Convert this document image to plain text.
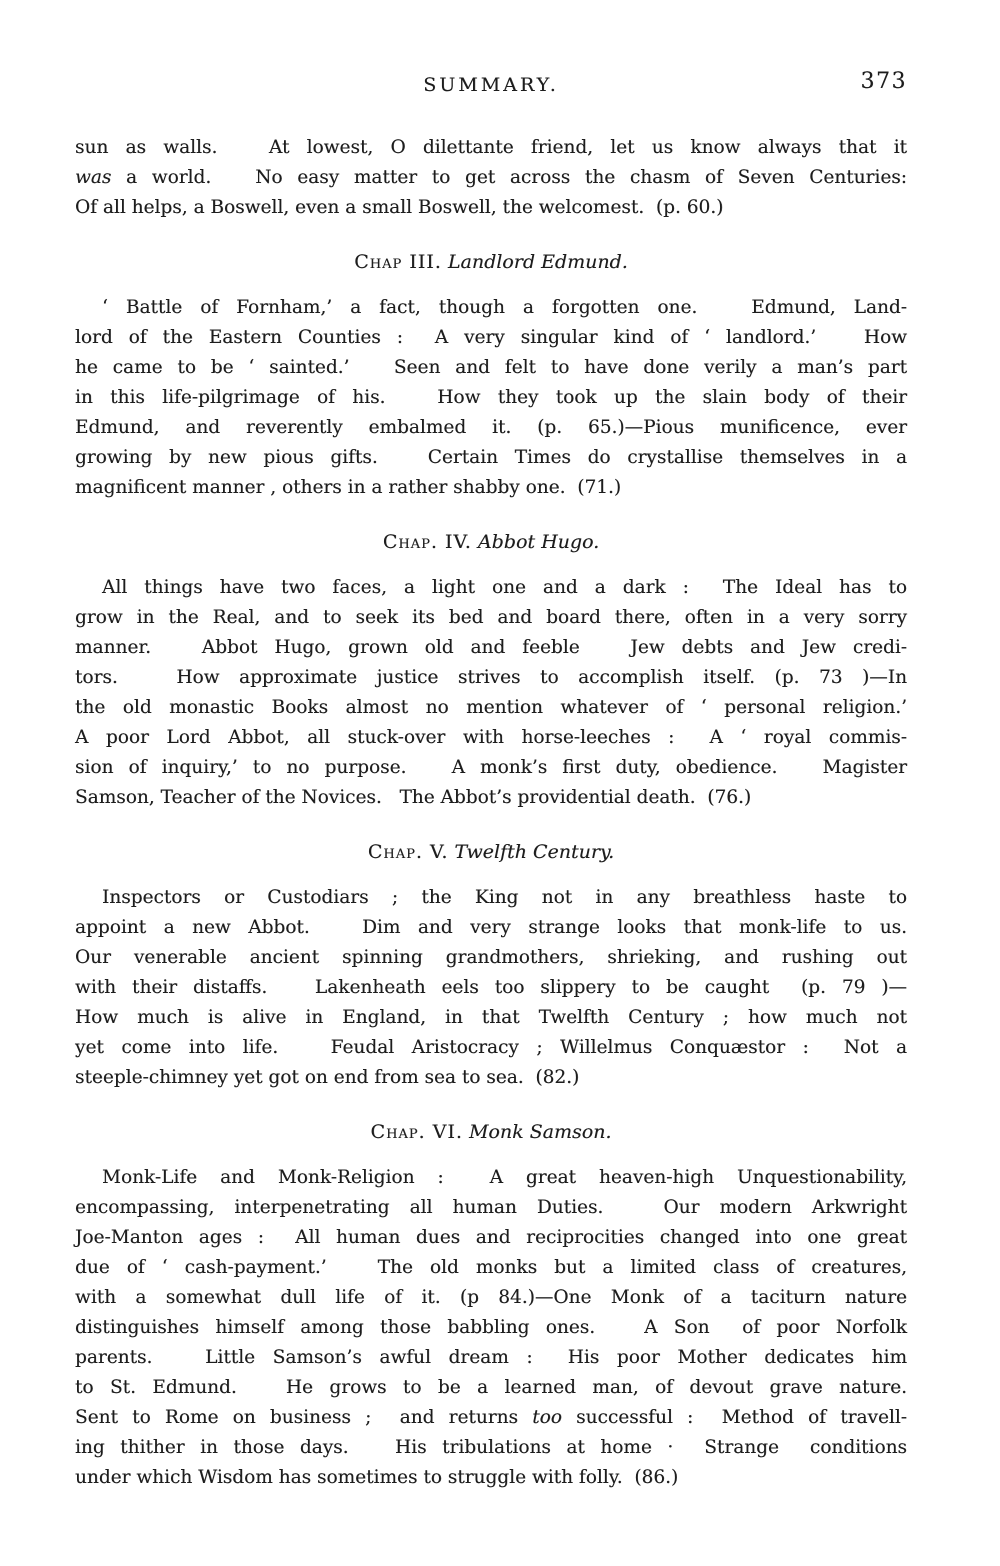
SUMMARY.	373
sun as walls.   At lowest, O dilettante friend, let us know always that it
was a world.   No easy matter to get across the chasm of Seven Centuries:
Of all helps, a Boswell, even a small Boswell, the welcomest.  (p. 60.)
Chap III. Landlord Edmund.
‘ Battle of Fornham,’ a fact, though a forgotten one.   Edmund, Land-
lord of the Eastern Counties :  A very singular kind of ‘ landlord.’   How
he came to be ‘ sainted.’   Seen and felt to have done verily a man’s part
in this life-pilgrimage of his.   How they took up the slain body of their
Edmund, and reverently embalmed it. (p. 65.)—Pious munificence, ever
growing by new pious gifts.   Certain Times do crystallise themselves in a
magnificent manner , others in a rather shabby one.  (71.)
Chap. IV. Abbot Hugo.
All things have two faces, a light one and a dark :  The Ideal has to
grow in the Real, and to seek its bed and board there, often in a very sorry
manner.   Abbot Hugo, grown old and feeble   Jew debts and Jew credi-
tors.   How approximate justice strives to accomplish itself. (p. 73 )—In
the old monastic Books almost no mention whatever of ‘ personal religion.’
A poor Lord Abbot, all stuck-over with horse-leeches :  A ‘ royal commis-
sion of inquiry,’ to no purpose.   A monk’s first duty, obedience.   Magister
Samson, Teacher of the Novices.   The Abbot’s providential death.  (76.)
Chap. V. Twelfth Century.
Inspectors or Custodiars ; the King not in any breathless haste to
appoint a new Abbot.   Dim and very strange looks that monk-life to us.
Our venerable ancient spinning grandmothers, shrieking, and rushing out
with their distaffs.   Lakenheath eels too slippery to be caught  (p. 79 )—
How much is alive in England, in that Twelfth Century ; how much not
yet come into life.   Feudal Aristocracy ; Willelmus Conquæstor :  Not a
steeple-chimney yet got on end from sea to sea.  (82.)
Chap. VI. Monk Samson.
Monk-Life and Monk-Religion :  A great heaven-high Unquestionability,
encompassing, interpenetrating all human Duties.   Our modern Arkwright
Joe-Manton ages :  All human dues and reciprocities changed into one great
due of ‘ cash-payment.’   The old monks but a limited class of creatures,
with a somewhat dull life of it. (p 84.)—One Monk of a taciturn nature
distinguishes himself among those babbling ones.   A Son  of poor Norfolk
parents.   Little Samson’s awful dream :  His poor Mother dedicates him
to St. Edmund.   He grows to be a learned man, of devout grave nature.
Sent to Rome on business ;  and returns too successful :  Method of travell-
ing thither in those days.   His tribulations at home ·  Strange  conditions
under which Wisdom has sometimes to struggle with folly.  (86.)
